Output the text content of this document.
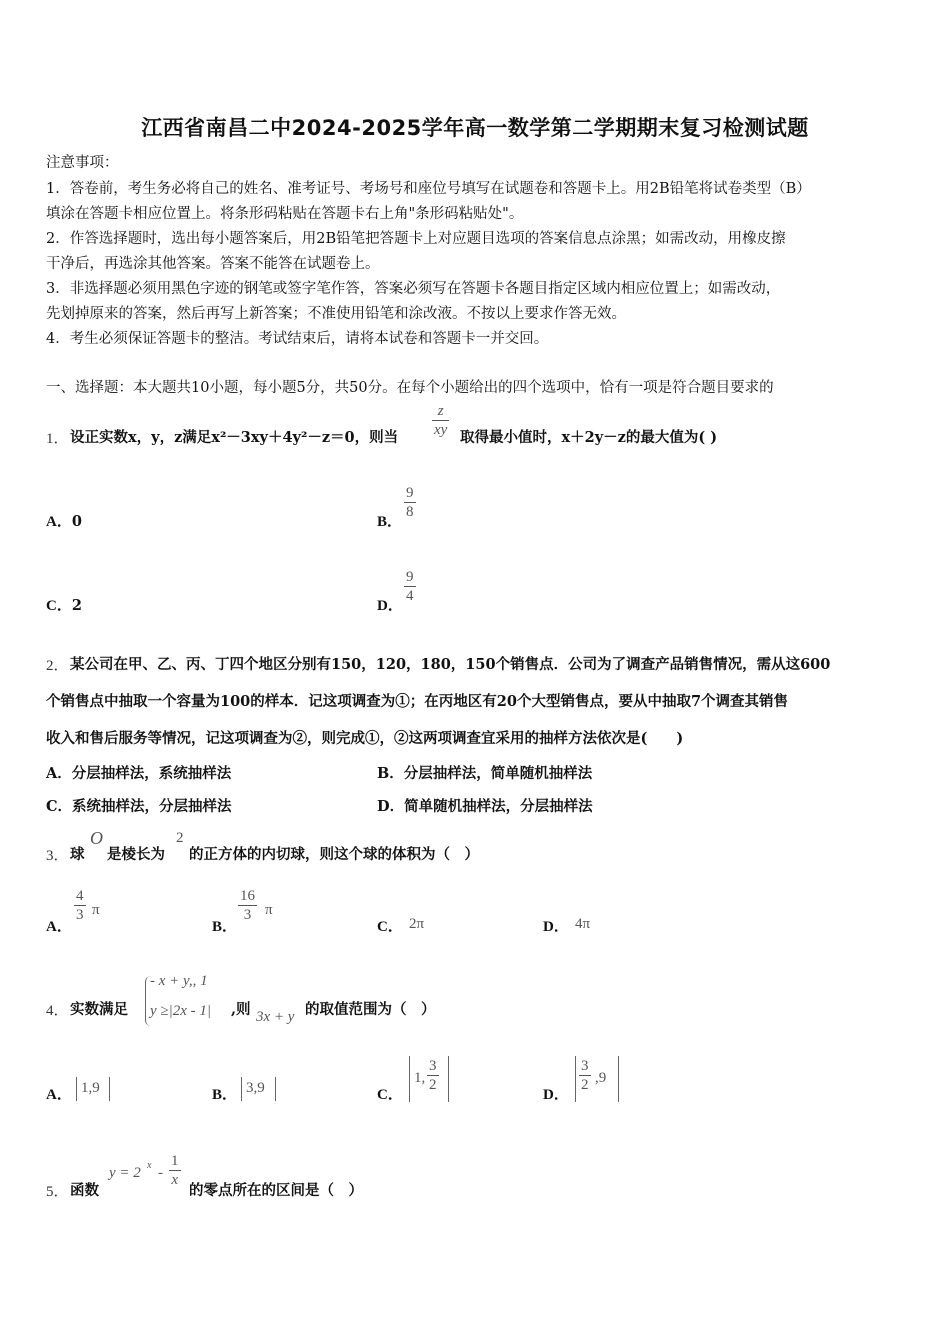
江西省南昌二中2024-2025学年高一数学第二学期期末复习检测试题
注意事项：
1．答卷前，考生务必将自己的姓名、准考证号、考场号和座位号填写在试题卷和答题卡上。用2B铅笔将试卷类型（B）
填涂在答题卡相应位置上。将条形码粘贴在答题卡右上角"条形码粘贴处"。
2．作答选择题时，选出每小题答案后，用2B铅笔把答题卡上对应题目选项的答案信息点涂黑；如需改动，用橡皮擦
干净后，再选涂其他答案。答案不能答在试题卷上。
3．非选择题必须用黑色字迹的钢笔或签字笔作答，答案必须写在答题卡各题目指定区域内相应位置上；如需改动，
先划掉原来的答案，然后再写上新答案；不准使用铅笔和涂改液。不按以上要求作答无效。
4．考生必须保证答题卡的整洁。考试结束后，请将本试卷和答题卡一并交回。
一、选择题：本大题共10小题，每小题5分，共50分。在每个小题给出的四个选项中，恰有一项是符合题目要求的
1． 设正实数x，y，z满足x²－3xy＋4y²－z＝0，则当 $\frac{z}{xy}$ 取得最小值时，x＋2y－z的最大值为( )
A．0	B．
$\frac{9}{8}$
C．2	D．
$\frac{9}{4}$
2． 某公司在甲、乙、丙、丁四个地区分别有150，120，180，150个销售点．公司为了调查产品销售情况，需从这600
个销售点中抽取一个容量为100的样本．记这项调查为①；在丙地区有20个大型销售点，要从中抽取7个调查其销售
收入和售后服务等情况，记这项调查为②，则完成①，②这两项调查宜采用的抽样方法依次是(　　)
A．分层抽样法，系统抽样法	B．分层抽样法，简单随机抽样法
C．系统抽样法，分层抽样法	D．简单随机抽样法，分层抽样法
3． 球
O
是棱长为
2
的正方体的内切球，则这个球的体积为（　）
A．
$\frac{4}{3}$ π
B．
$\frac{16}{3}$ π
C． 2π	D． 4π
4． 实数满足
- x + y,, 1
y ≥|2x - 1| ,则 3x + y 的取值范围为（　）
A． 1,9	B． 3,9	C．
1, $\frac{3}{2}$
D．
$\frac{3}{2} ,9$
5． 函数
y = 2 x - $\frac{1}{x}$
的零点所在的区间是（　）
